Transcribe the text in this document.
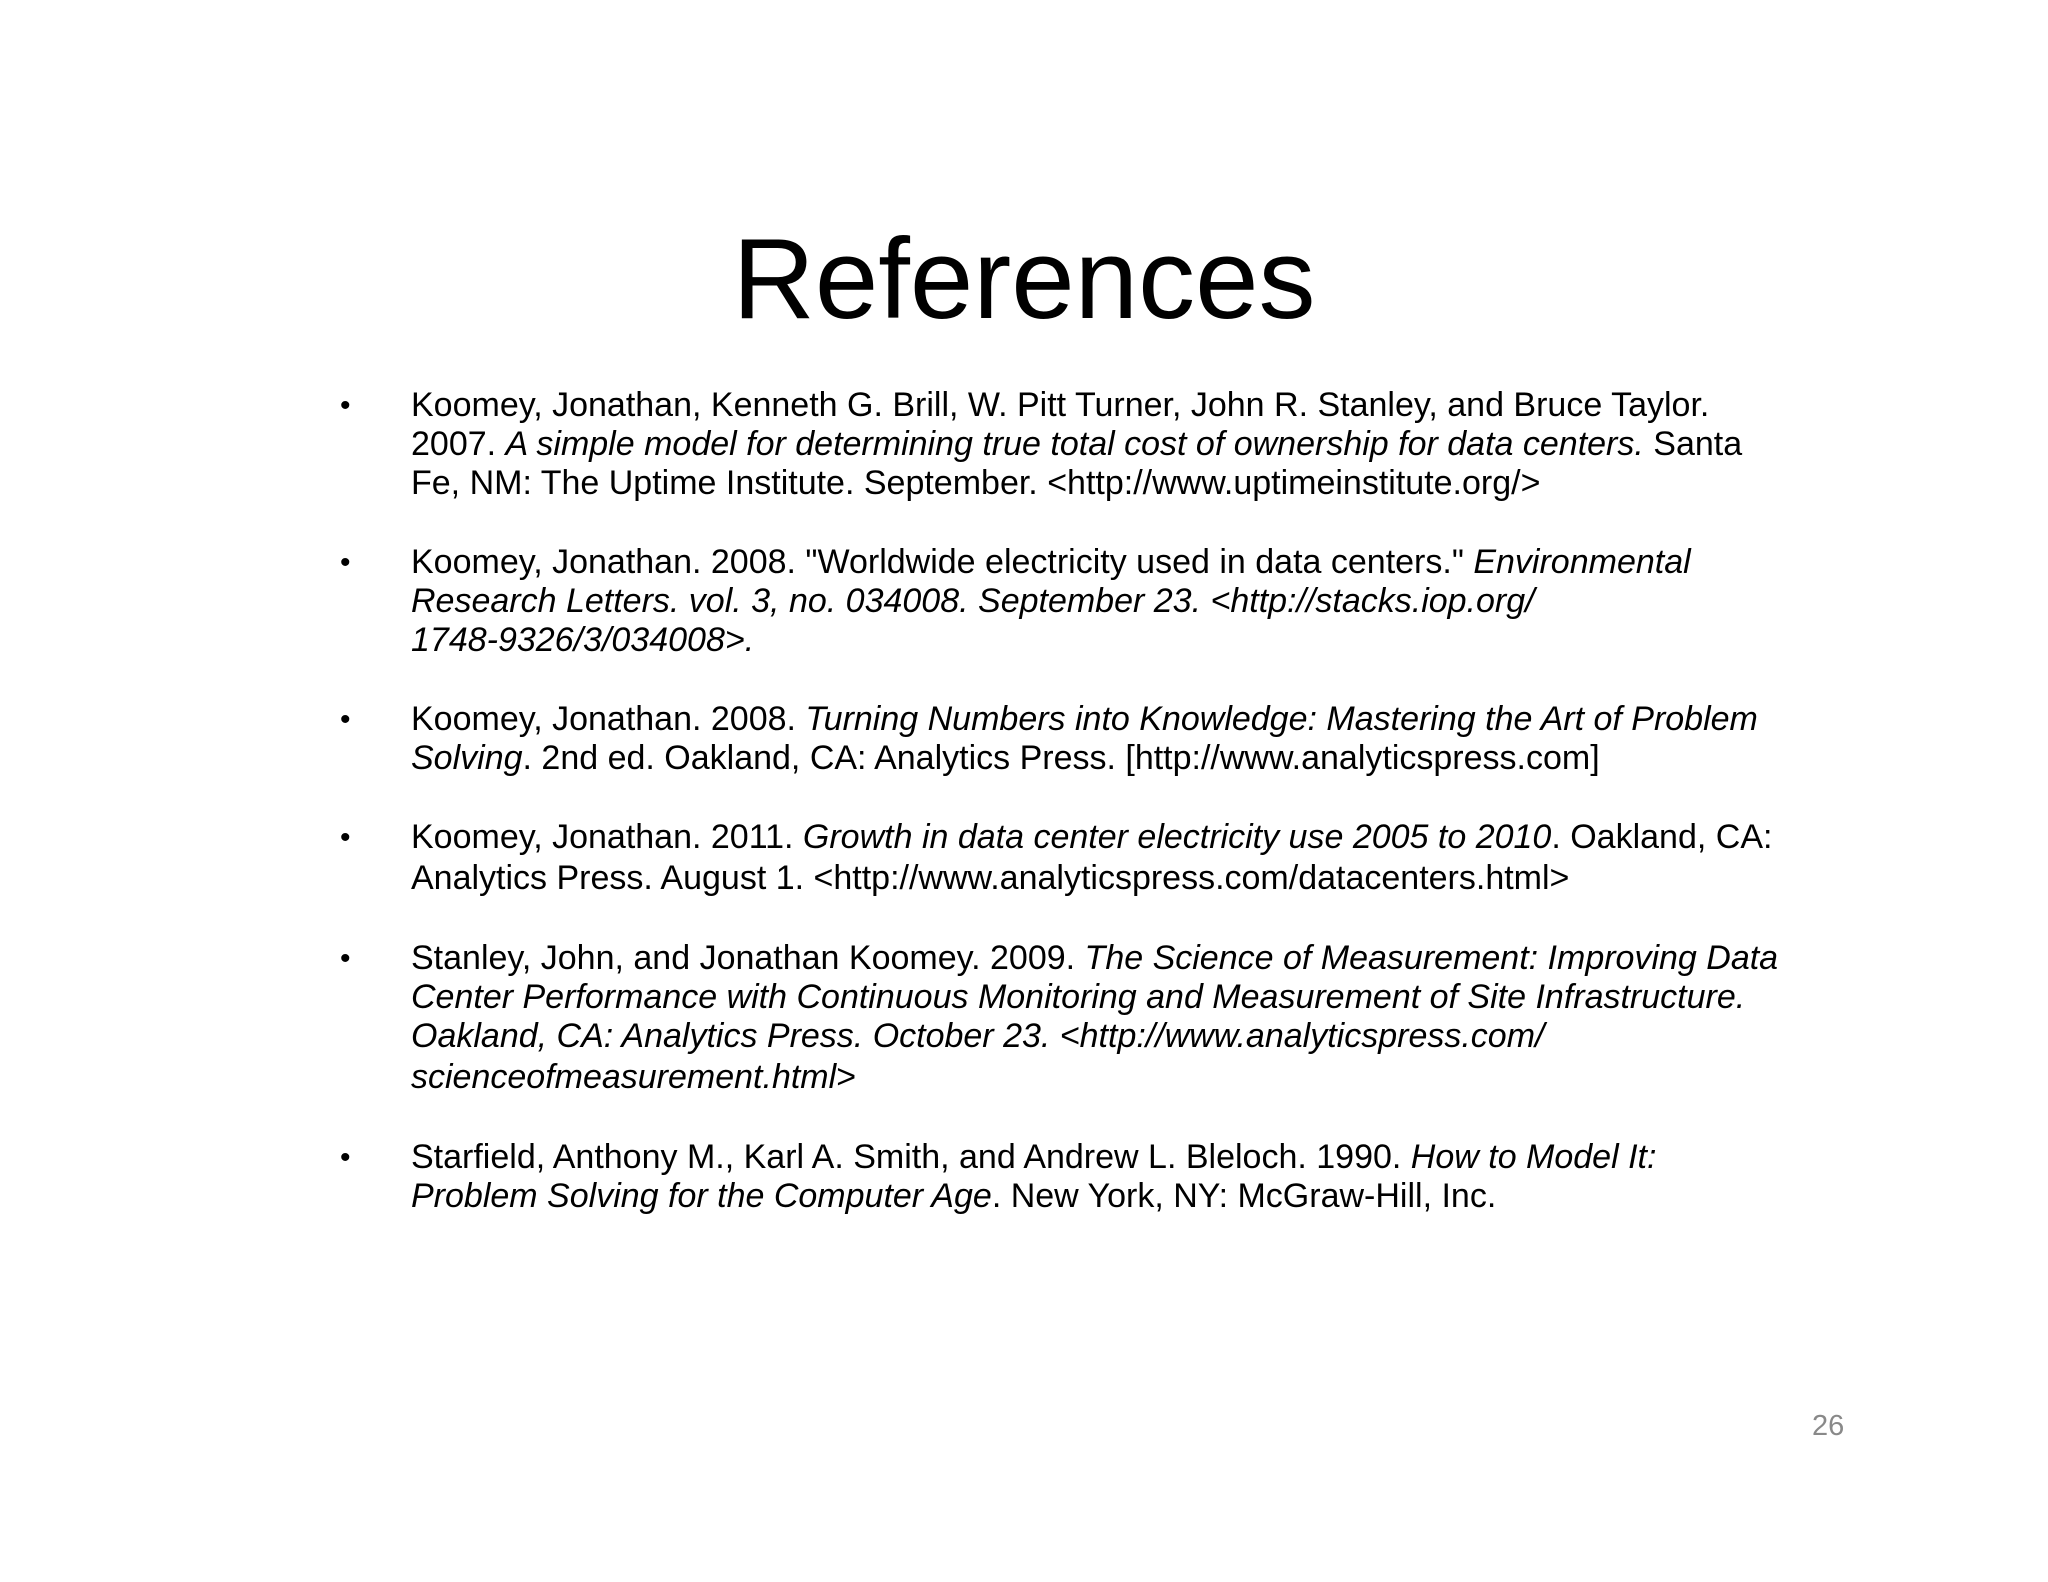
References
• Koomey, Jonathan, Kenneth G. Brill, W. Pitt Turner, John R. Stanley, and Bruce Taylor.
2007. A simple model for determining true total cost of ownership for data centers. Santa
Fe, NM: The Uptime Institute. September. <http://www.uptimeinstitute.org/>
• Koomey, Jonathan. 2008. "Worldwide electricity used in data centers." Environmental
Research Letters. vol. 3, no. 034008. September 23. <http://stacks.iop.org/
1748-9326/3/034008>.
• Koomey, Jonathan. 2008. Turning Numbers into Knowledge: Mastering the Art of Problem
Solving. 2nd ed. Oakland, CA: Analytics Press. [http://www.analyticspress.com]
• Koomey, Jonathan. 2011. Growth in data center electricity use 2005 to 2010. Oakland, CA:
Analytics Press. August 1. <http://www.analyticspress.com/datacenters.html>
• Stanley, John, and Jonathan Koomey. 2009. The Science of Measurement: Improving Data
Center Performance with Continuous Monitoring and Measurement of Site Infrastructure.
Oakland, CA: Analytics Press. October 23. <http://www.analyticspress.com/
scienceofmeasurement.html>
• Starfield, Anthony M., Karl A. Smith, and Andrew L. Bleloch. 1990. How to Model It:
Problem Solving for the Computer Age. New York, NY: McGraw-Hill, Inc.
26
